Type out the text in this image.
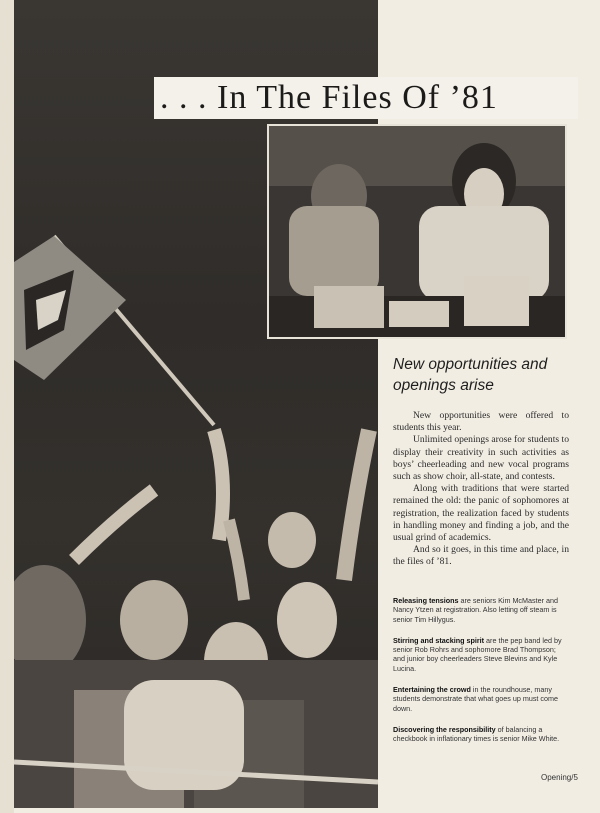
. . . In The Files Of ’81
New opportunities and openings arise

New opportunities were offered to students this year.

Unlimited openings arose for students to display their creativity in such activities as boys’ cheerleading and new vocal programs such as show choir, all-state, and contests.

Along with traditions that were started remained the old: the panic of sophomores at registration, the realization faced by students in handling money and finding a job, and the usual grind of academics.

And so it goes, in this time and place, in the files of ’81.

Releasing tensions are seniors Kim McMaster and Nancy Ytzen at registration. Also letting off steam is senior Tim Hillygus.

Stirring and stacking spirit are the pep band led by senior Rob Rohrs and sophomore Brad Thompson; and junior boy cheerleaders Steve Blevins and Kyle Lucina.

Entertaining the crowd in the roundhouse, many students demonstrate that what goes up must come down.

Discovering the responsibility of balancing a checkbook in inflationary times is senior Mike White.

Opening/5
